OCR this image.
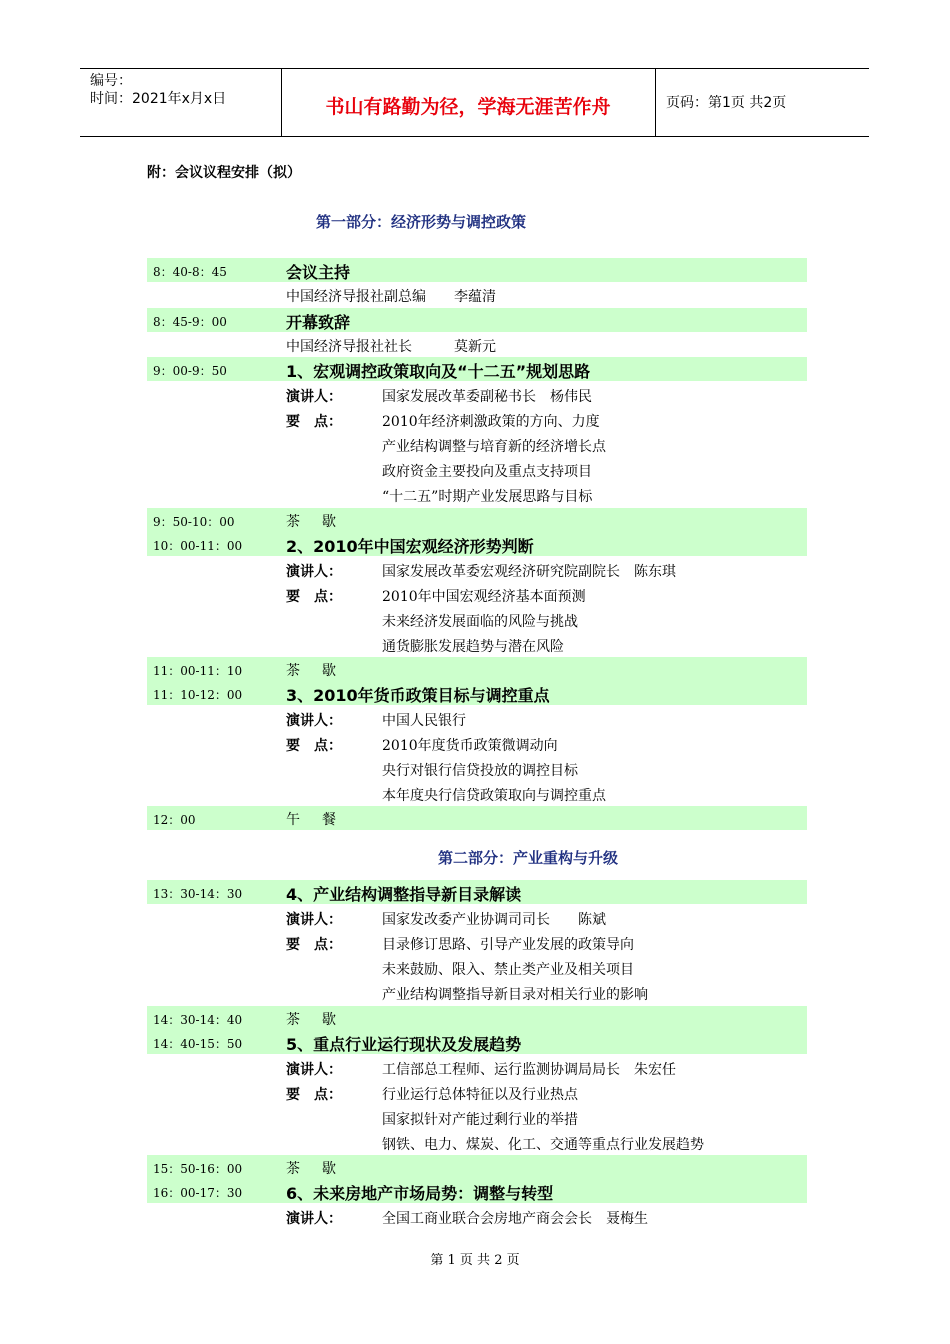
编号：
时间：2021年x月x日	书山有路勤为径，学海无涯苦作舟	页码：第1页 共2页
附：会议议程安排（拟）
第一部分：经济形势与调控政策
8：40-8：45	会议主持
中国经济导报社副总编　　李蕴清
8：45-9：00	开幕致辞
中国经济导报社社长　　　莫新元
9：00-9：50	1、宏观调控政策取向及“十二五”规划思路
演讲人：	国家发展改革委副秘书长　杨伟民
要　点：	2010年经济刺激政策的方向、力度
产业结构调整与培育新的经济增长点
政府资金主要投向及重点支持项目
“十二五”时期产业发展思路与目标
9：50-10：00	茶　歇
10：00-11：00	2、2010年中国宏观经济形势判断
演讲人：	国家发展改革委宏观经济研究院副院长　陈东琪
要　点：	2010年中国宏观经济基本面预测
未来经济发展面临的风险与挑战
通货膨胀发展趋势与潜在风险
11：00-11：10	茶　歇
11：10-12：00	3、2010年货币政策目标与调控重点
演讲人：	中国人民银行
要　点：	2010年度货币政策微调动向
央行对银行信贷投放的调控目标
本年度央行信贷政策取向与调控重点
12：00	午　餐
第二部分：产业重构与升级
13：30-14：30	4、产业结构调整指导新目录解读
演讲人：	国家发改委产业协调司司长　　陈斌
要　点：	目录修订思路、引导产业发展的政策导向
未来鼓励、限入、禁止类产业及相关项目
产业结构调整指导新目录对相关行业的影响
14：30-14：40	茶　歇
14：40-15：50	5、重点行业运行现状及发展趋势
演讲人：	工信部总工程师、运行监测协调局局长　朱宏任
要　点：	行业运行总体特征以及行业热点
国家拟针对产能过剩行业的举措
钢铁、电力、煤炭、化工、交通等重点行业发展趋势
15：50-16：00	茶　歇
16：00-17：30	6、未来房地产市场局势：调整与转型
演讲人：	全国工商业联合会房地产商会会长　聂梅生
第 1 页 共 2 页
